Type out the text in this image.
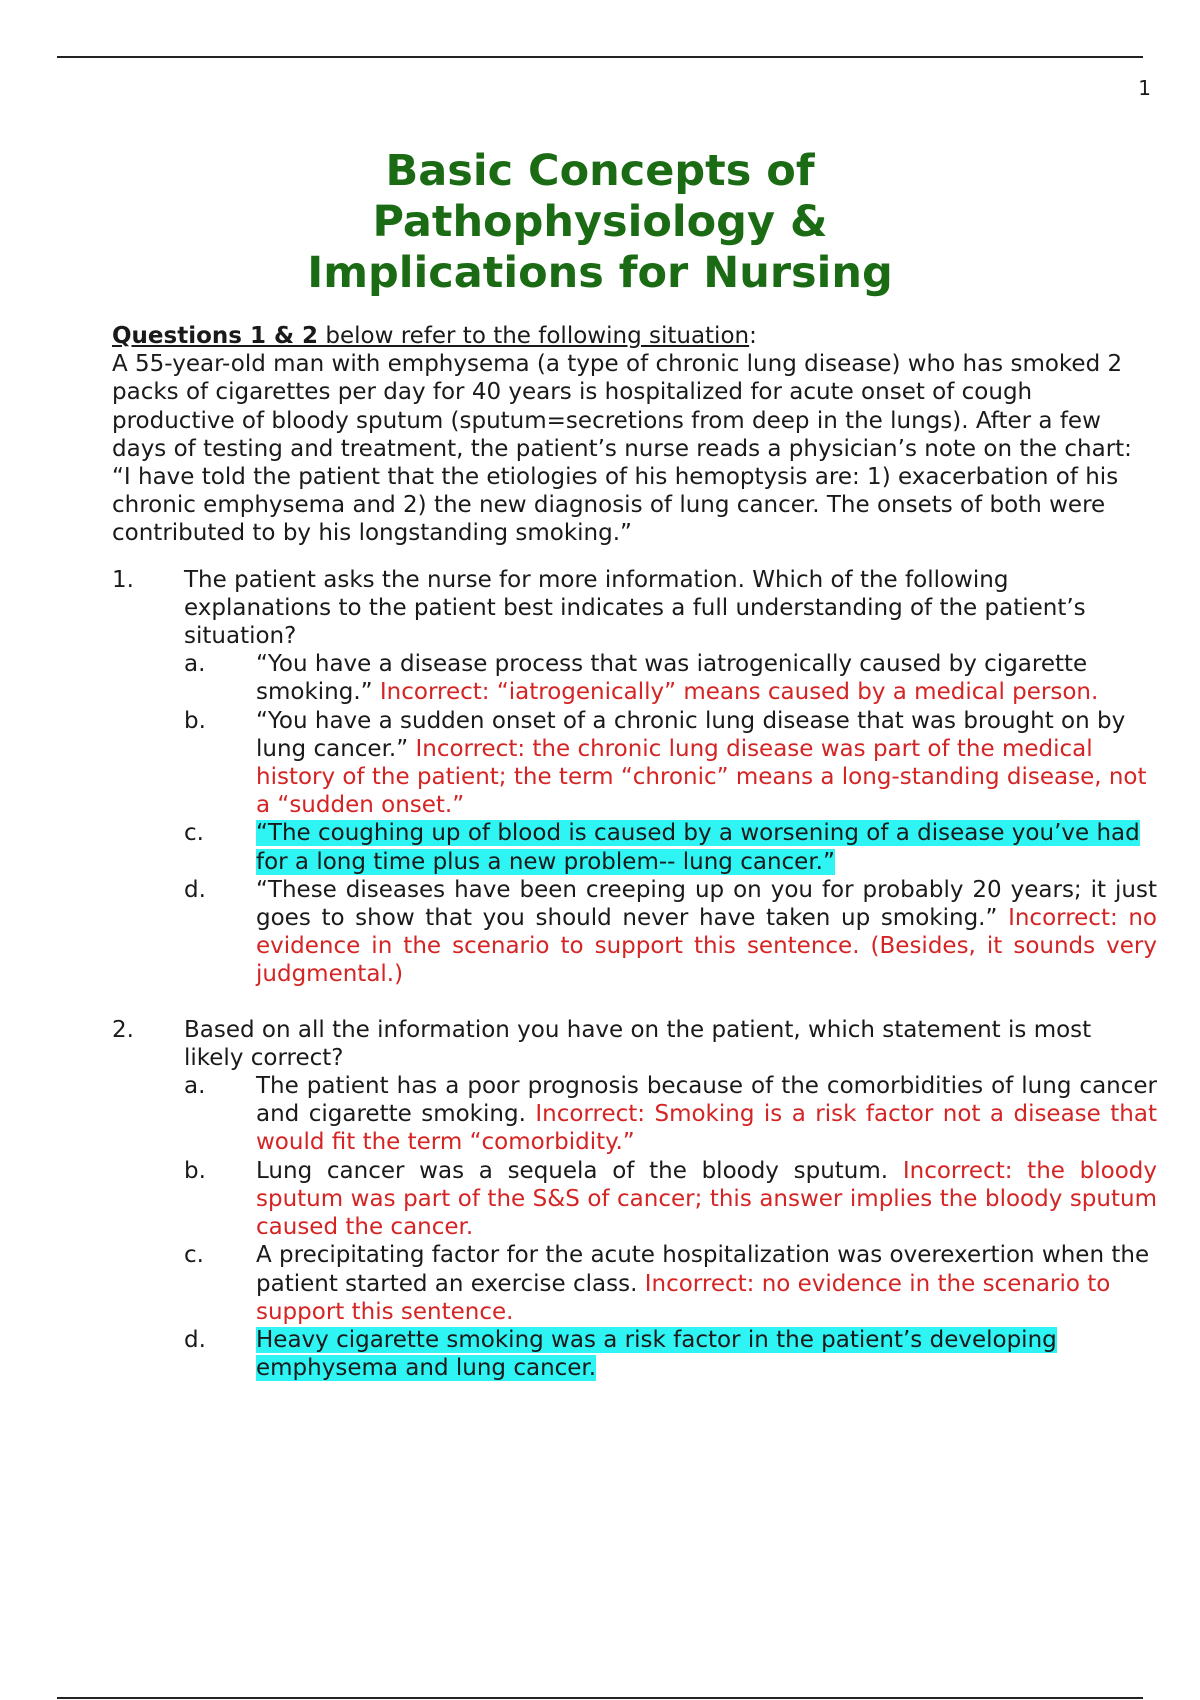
1
Basic Concepts of
Pathophysiology &
Implications for Nursing
Questions 1 & 2 below refer to the following situation:
A 55-year-old man with emphysema (a type of chronic lung disease) who has smoked 2 packs of cigarettes per day for 40 years is hospitalized for acute onset of cough productive of bloody sputum (sputum=secretions from deep in the lungs). After a few days of testing and treatment, the patient’s nurse reads a physician’s note on the chart: “I have told the patient that the etiologies of his hemoptysis are: 1) exacerbation of his chronic emphysema and 2) the new diagnosis of lung cancer. The onsets of both were contributed to by his longstanding smoking.”
1. The patient asks the nurse for more information. Which of the following explanations to the patient best indicates a full understanding of the patient’s situation?
a. “You have a disease process that was iatrogenically caused by cigarette smoking.” Incorrect: “iatrogenically” means caused by a medical person.
b. “You have a sudden onset of a chronic lung disease that was brought on by lung cancer.” Incorrect: the chronic lung disease was part of the medical history of the patient; the term “chronic” means a long-standing disease, not a “sudden onset.”
c. “The coughing up of blood is caused by a worsening of a disease you’ve had for a long time plus a new problem-- lung cancer.”
d. “These diseases have been creeping up on you for probably 20 years; it just goes to show that you should never have taken up smoking.” Incorrect: no evidence in the scenario to support this sentence. (Besides, it sounds very judgmental.)
2. Based on all the information you have on the patient, which statement is most likely correct?
a. The patient has a poor prognosis because of the comorbidities of lung cancer and cigarette smoking. Incorrect: Smoking is a risk factor not a disease that would fit the term “comorbidity.”
b. Lung cancer was a sequela of the bloody sputum. Incorrect: the bloody sputum was part of the S&S of cancer; this answer implies the bloody sputum caused the cancer.
c. A precipitating factor for the acute hospitalization was overexertion when the patient started an exercise class. Incorrect: no evidence in the scenario to support this sentence.
d. Heavy cigarette smoking was a risk factor in the patient’s developing emphysema and lung cancer.
